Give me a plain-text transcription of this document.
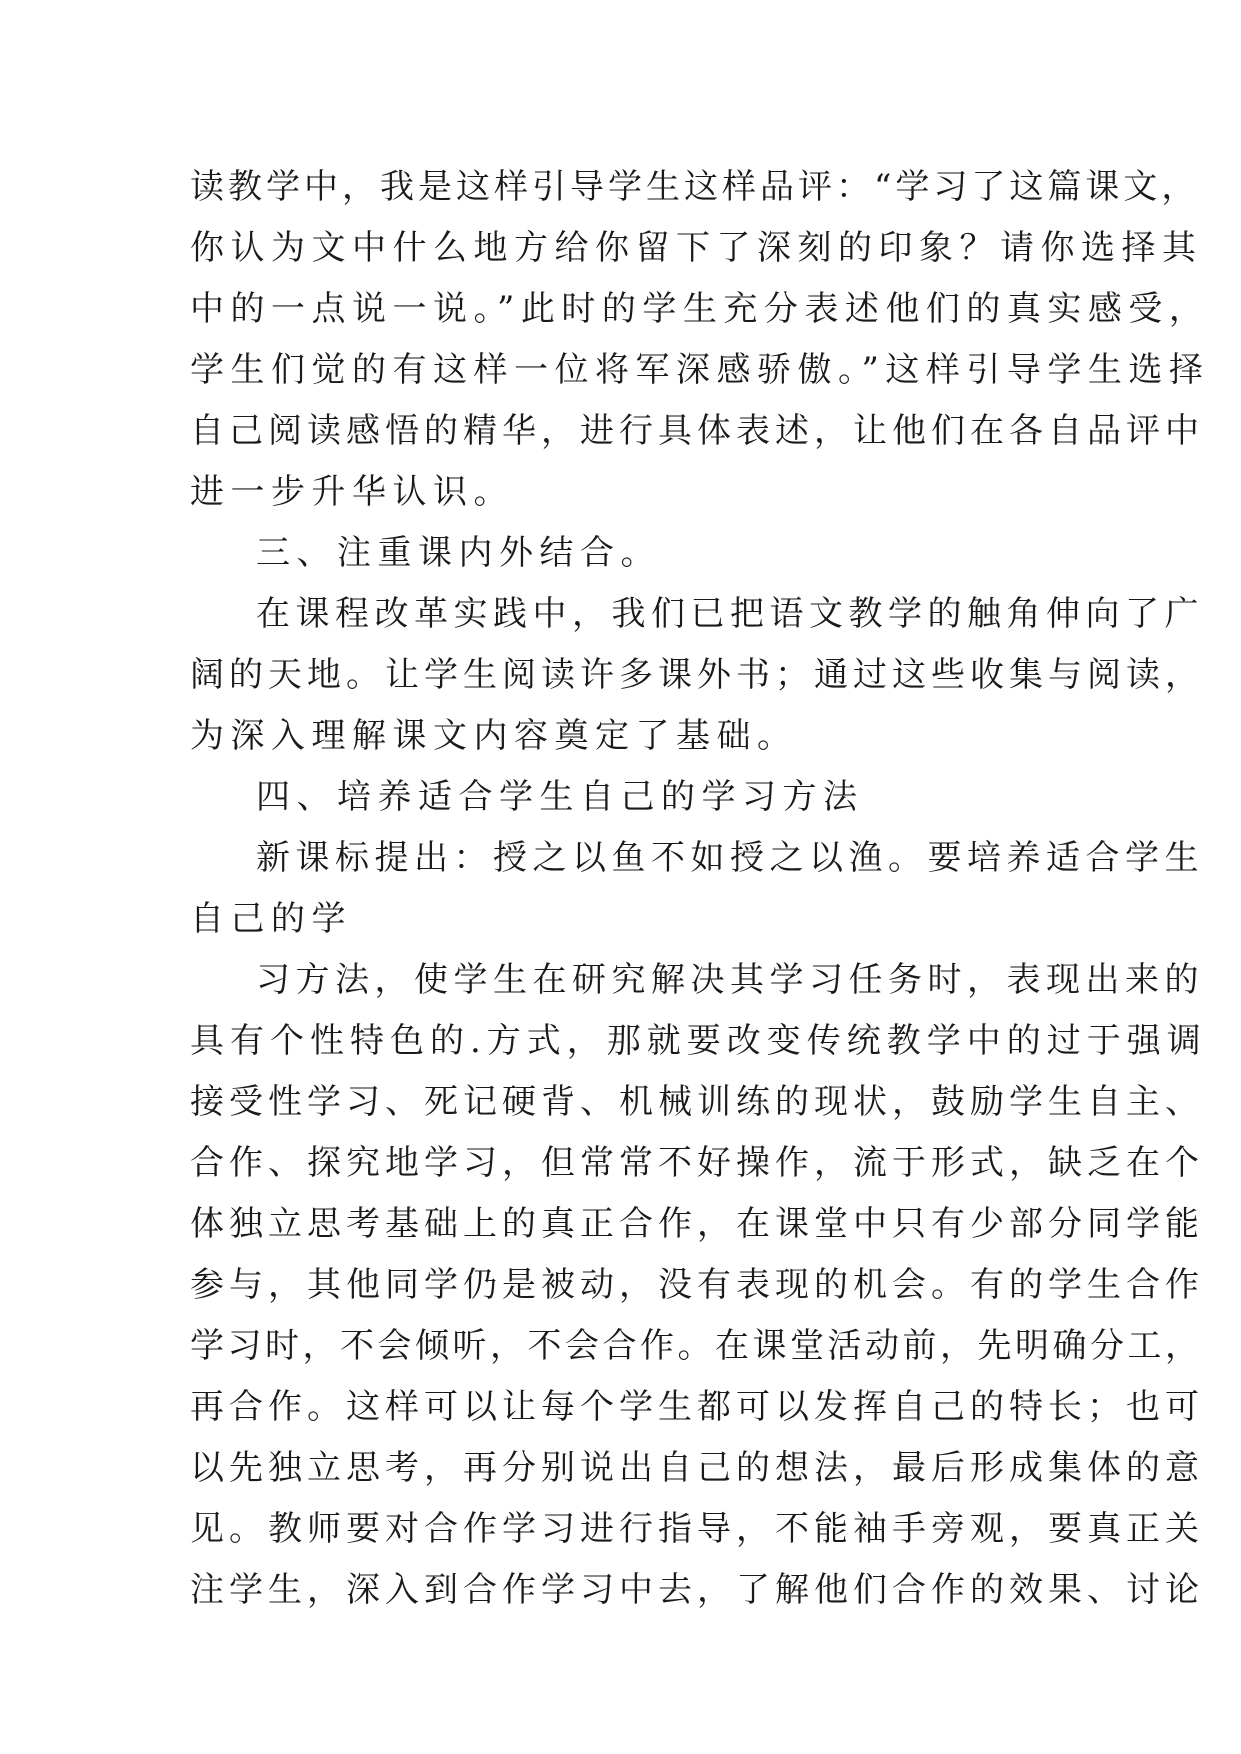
读教学中，我是这样引导学生这样品评：“学习了这篇课文，
你认为文中什么地方给你留下了深刻的印象？请你选择其
中的一点说一说。”此时的学生充分表述他们的真实感受，
学生们觉的有这样一位将军深感骄傲。”这样引导学生选择
自己阅读感悟的精华，进行具体表述，让他们在各自品评中
进一步升华认识。
三、注重课内外结合。
在课程改革实践中，我们已把语文教学的触角伸向了广
阔的天地。让学生阅读许多课外书；通过这些收集与阅读，
为深入理解课文内容奠定了基础。
四、培养适合学生自己的学习方法
新课标提出：授之以鱼不如授之以渔。要培养适合学生
自己的学
习方法，使学生在研究解决其学习任务时，表现出来的
具有个性特色的.方式，那就要改变传统教学中的过于强调
接受性学习、死记硬背、机械训练的现状，鼓励学生自主、
合作、探究地学习，但常常不好操作，流于形式，缺乏在个
体独立思考基础上的真正合作，在课堂中只有少部分同学能
参与，其他同学仍是被动，没有表现的机会。有的学生合作
学习时，不会倾听，不会合作。在课堂活动前，先明确分工，
再合作。这样可以让每个学生都可以发挥自己的特长；也可
以先独立思考，再分别说出自己的想法，最后形成集体的意
见。教师要对合作学习进行指导，不能袖手旁观，要真正关
注学生，深入到合作学习中去，了解他们合作的效果、讨论
